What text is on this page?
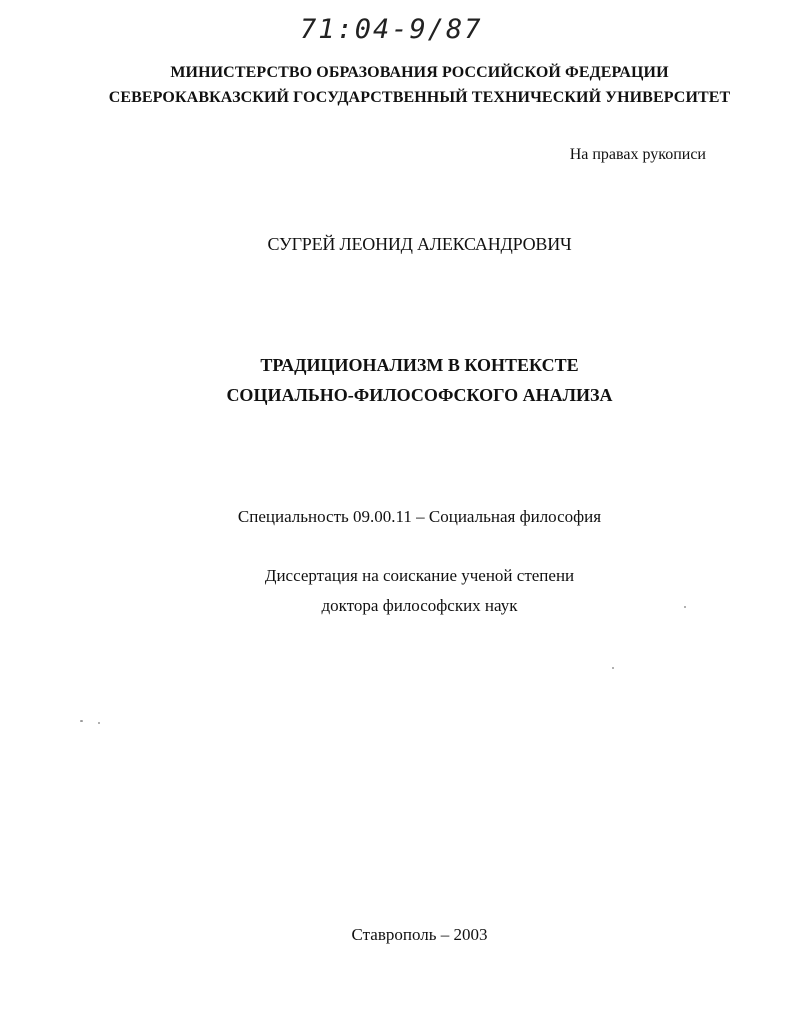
71:04-9/87
МИНИСТЕРСТВО ОБРАЗОВАНИЯ РОССИЙСКОЙ ФЕДЕРАЦИИ
СЕВЕРОКАВКАЗСКИЙ ГОСУДАРСТВЕННЫЙ ТЕХНИЧЕСКИЙ УНИВЕРСИТЕТ
На правах рукописи
СУГРЕЙ ЛЕОНИД АЛЕКСАНДРОВИЧ
ТРАДИЦИОНАЛИЗМ В КОНТЕКСТЕ
СОЦИАЛЬНО-ФИЛОСОФСКОГО АНАЛИЗА
Специальность 09.00.11 – Социальная философия
Диссертация на соискание ученой степени
доктора философских наук
Ставрополь – 2003
